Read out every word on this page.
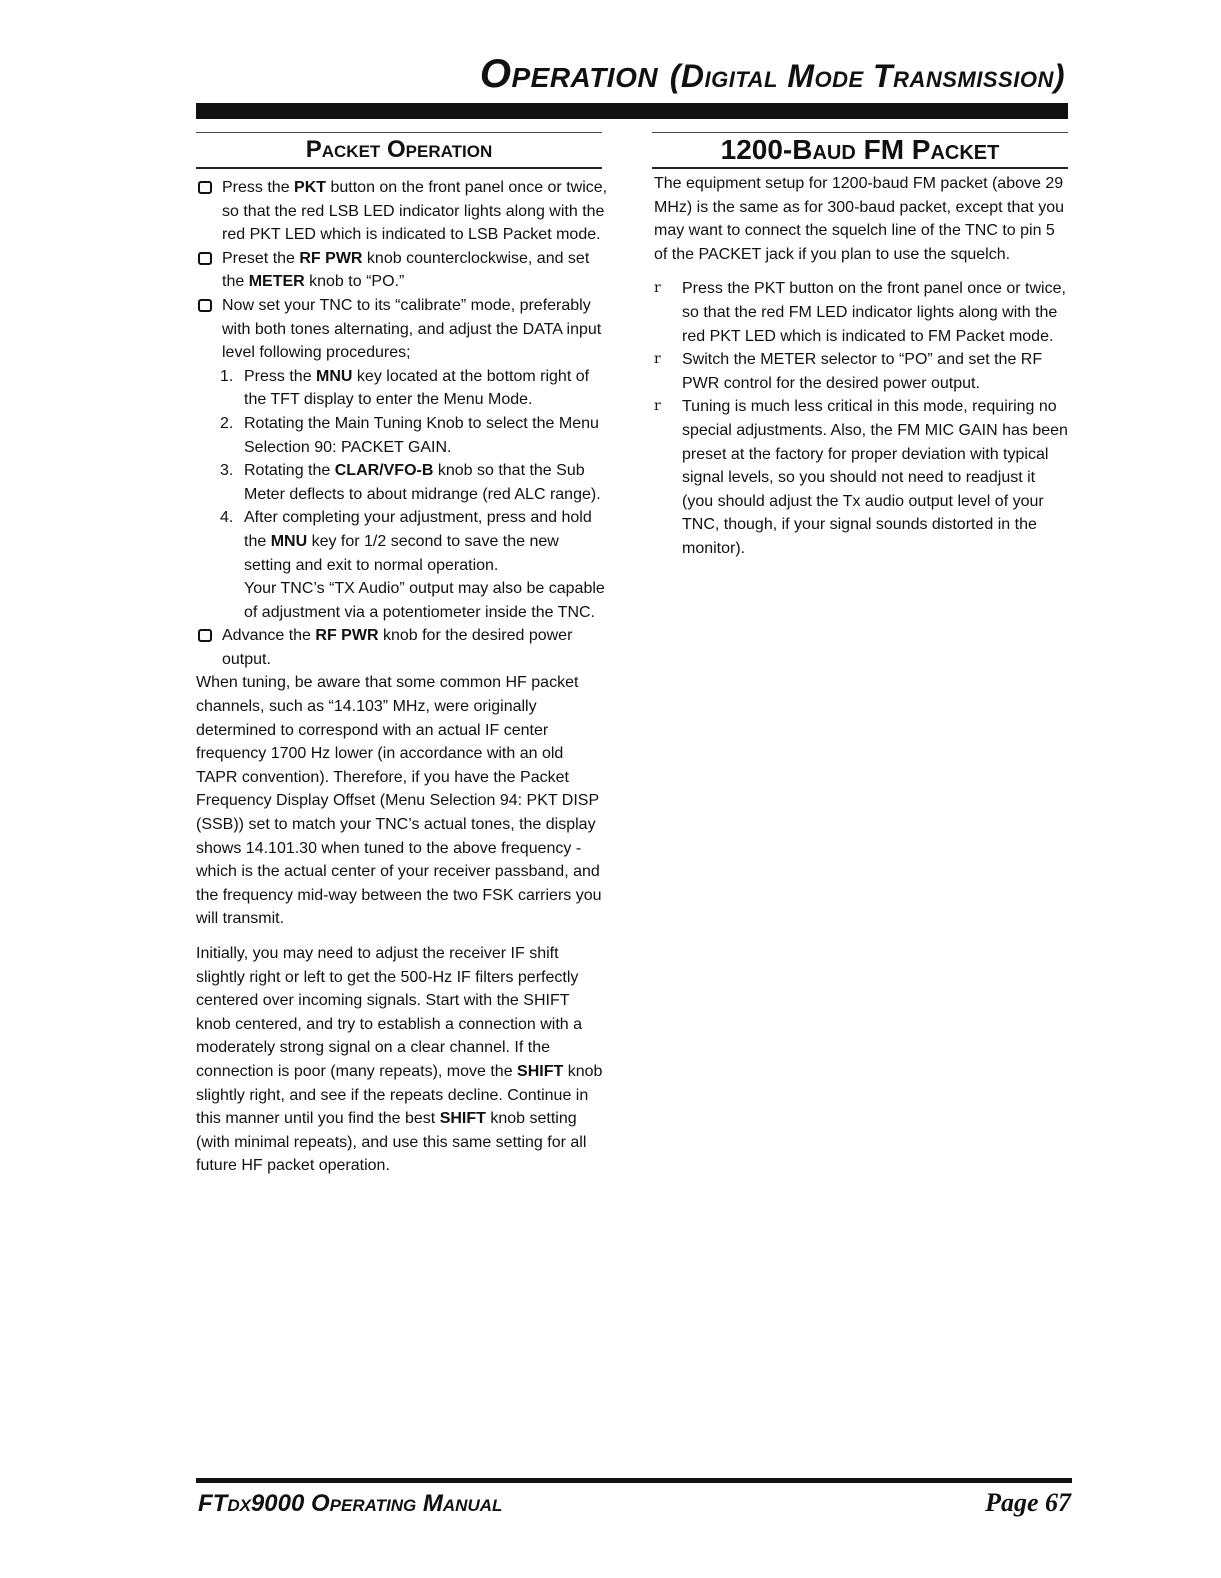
Operation (Digital Mode Transmission)
Packet Operation	1200-Baud FM Packet
Press the PKT button on the front panel once or twice, so that the red LSB LED indicator lights along with the red PKT LED which is indicated to LSB Packet mode.
Preset the RF PWR knob counterclockwise, and set the METER knob to “PO.”
Now set your TNC to its “calibrate” mode, preferably with both tones alternating, and adjust the DATA input level following procedures;
1. Press the MNU key located at the bottom right of the TFT display to enter the Menu Mode.
2. Rotating the Main Tuning Knob to select the Menu Selection 90: PACKET GAIN.
3. Rotating the CLAR/VFO-B knob so that the Sub Meter deflects to about midrange (red ALC range).
4. After completing your adjustment, press and hold the MNU key for 1/2 second to save the new setting and exit to normal operation.
Your TNC’s “TX Audio” output may also be capable of adjustment via a potentiometer inside the TNC.
Advance the RF PWR knob for the desired power output.

When tuning, be aware that some common HF packet channels, such as “14.103” MHz, were originally determined to correspond with an actual IF center frequency 1700 Hz lower (in accordance with an old TAPR convention). Therefore, if you have the Packet Frequency Display Offset (Menu Selection 94: PKT DISP (SSB)) set to match your TNC’s actual tones, the display shows 14.101.30 when tuned to the above frequency - which is the actual center of your receiver passband, and the frequency mid-way between the two FSK carriers you will transmit.

Initially, you may need to adjust the receiver IF shift slightly right or left to get the 500-Hz IF filters perfectly centered over incoming signals. Start with the SHIFT knob centered, and try to establish a connection with a moderately strong signal on a clear channel. If the connection is poor (many repeats), move the SHIFT knob slightly right, and see if the repeats decline. Continue in this manner until you find the best SHIFT knob setting (with minimal repeats), and use this same setting for all future HF packet operation.

The equipment setup for 1200-baud FM packet (above 29 MHz) is the same as for 300-baud packet, except that you may want to connect the squelch line of the TNC to pin 5 of the PACKET jack if you plan to use the squelch.

r Press the PKT button on the front panel once or twice, so that the red FM LED indicator lights along with the red PKT LED which is indicated to FM Packet mode.
r Switch the METER selector to “PO” and set the RF PWR control for the desired power output.
r Tuning is much less critical in this mode, requiring no special adjustments. Also, the FM MIC GAIN has been preset at the factory for proper deviation with typical signal levels, so you should not need to readjust it (you should adjust the Tx audio output level of your TNC, though, if your signal sounds distorted in the monitor).
FTdx9000 Operating Manual	Page 67
